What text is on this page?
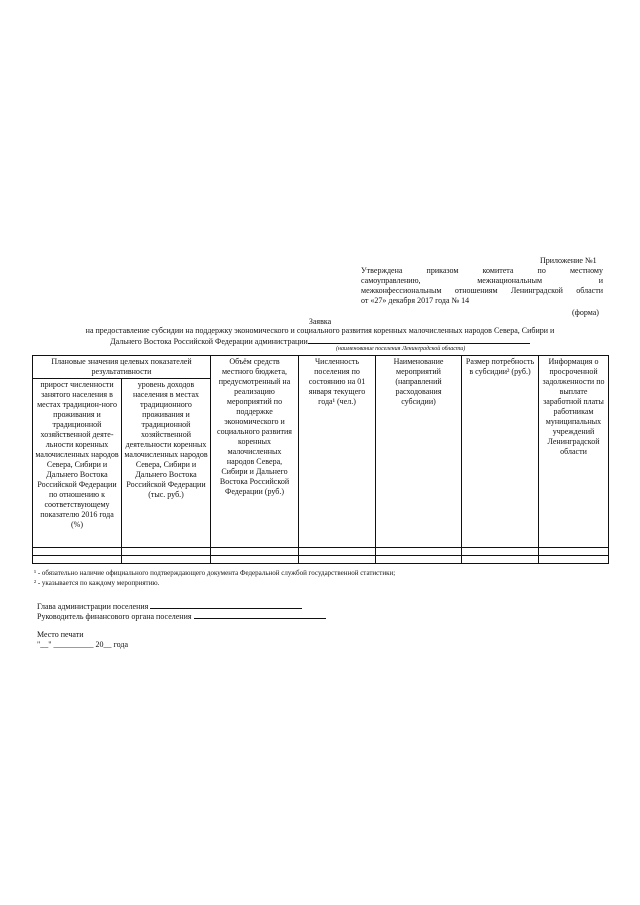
Приложение №1
Утверждена приказом комитета по местному
самоуправлению, межнациональным и
межконфессиональным отношениям Ленинградской области
от «27» декабря 2017 года № 14
(форма)
Заявка
на предоставление субсидии на поддержку экономического и социального развития коренных малочисленных народов Севера, Сибири и
Дальнего Востока Российской Федерации администрации
(наименование поселения Ленинградской области)
Плановые значения целевых показателей результативности		Объём средств местного бюджета, предусмотренный на реализацию мероприятий по поддержке экономического и социального развития коренных малочисленных народов Севера, Сибири и Дальнего Востока Российской Федерации (руб.)	Численность поселения по состоянию на 01 января текущего года¹ (чел.)	Наименование мероприятий (направлений расходования субсидии)	Размер потребность в субсидии² (руб.)	Информация о просроченной задолженности по выплате заработной платы работникам муниципальных учреждений Ленинградской области
прирост численности занятого населения в местах традицион-ного проживания и традиционной хозяйственной деяте-льности коренных малочисленных народов Севера, Сибири и Дальнего Востока Российской Федерации по отношению к соответствующему показателю 2016 года (%)	уровень доходов населения в местах традиционного проживания и традиционной хозяйственной деятельности коренных малочисленных народов Севера, Сибири и Дальнего Востока Российской Федерации (тыс. руб.)					

¹ - обязательно наличие официального подтверждающего документа Федеральной службой государственной статистики;
² - указывается по каждому мероприятию.
Глава администрации поселения
Руководитель финансового органа поселения
Место печати
"__" __________ 20__ года
